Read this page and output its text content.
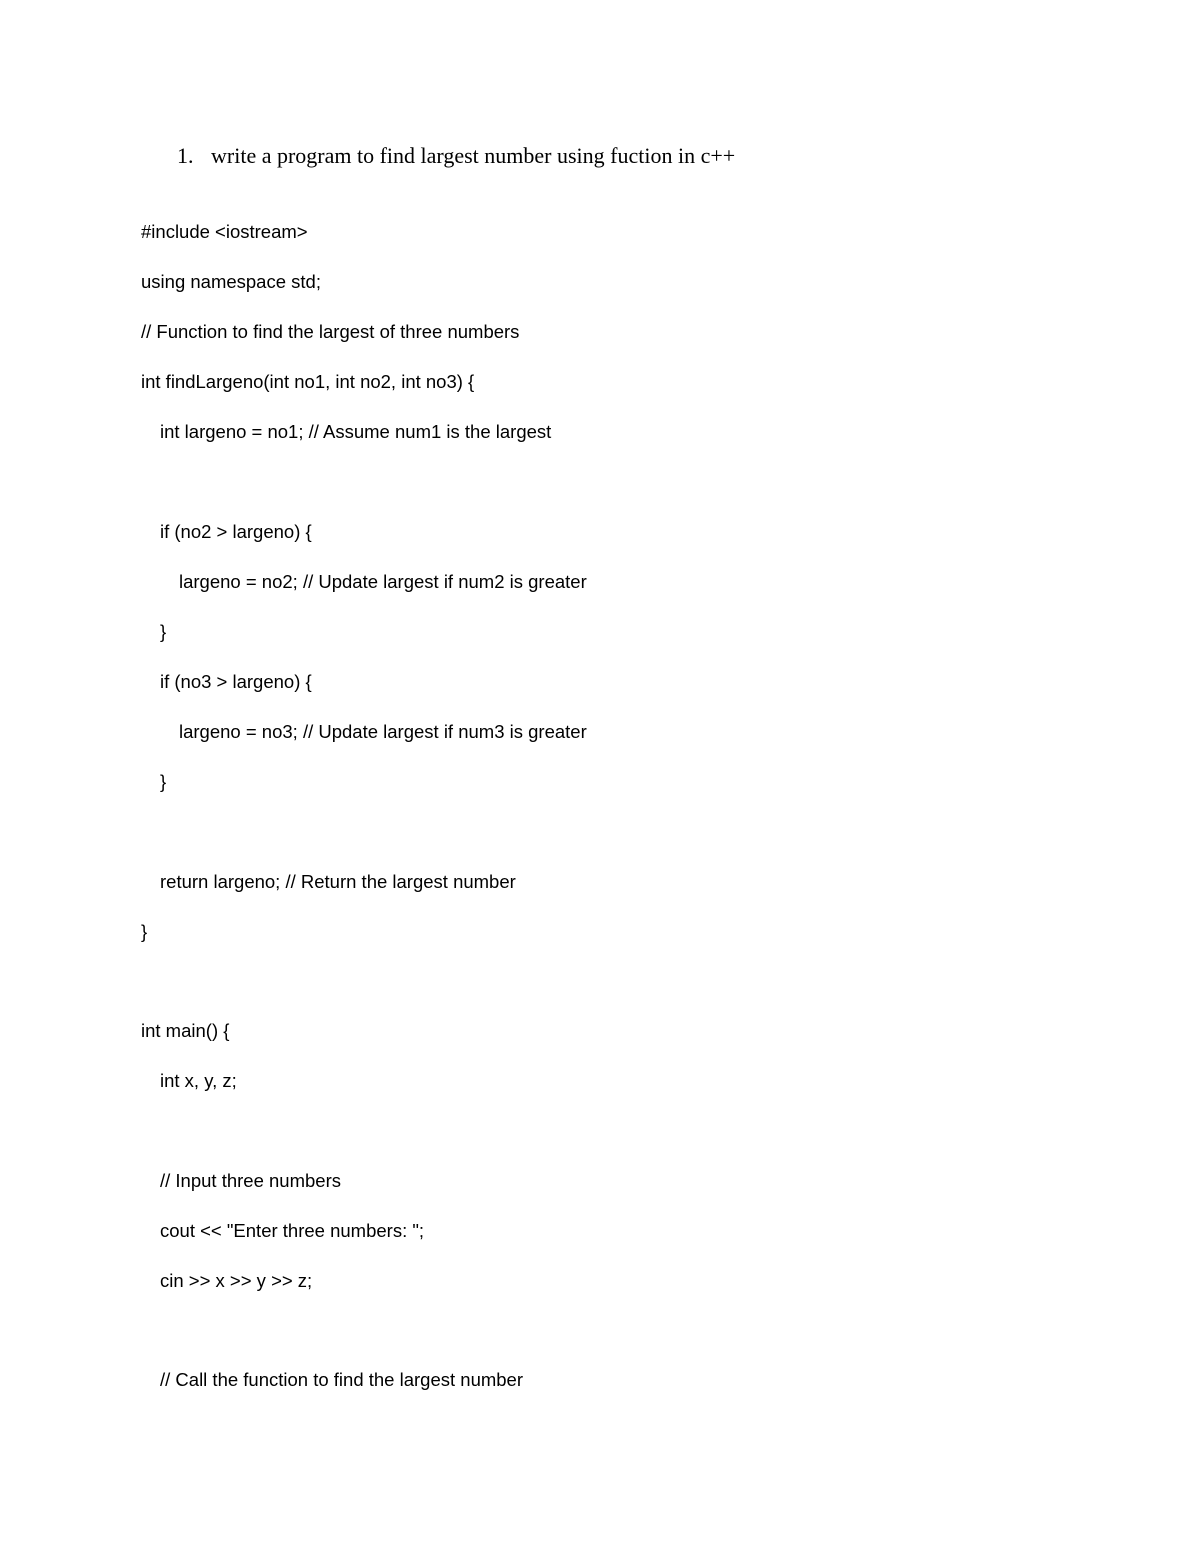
1. write a program to find largest number using fuction in c++
#include <iostream>
using namespace std;
// Function to find the largest of three numbers
int findLargeno(int no1, int no2, int no3) {
int largeno = no1; // Assume num1 is the largest
if (no2 > largeno) {
largeno = no2; // Update largest if num2 is greater
}
if (no3 > largeno) {
largeno = no3; // Update largest if num3 is greater
}
return largeno; // Return the largest number
}
int main() {
int x, y, z;
// Input three numbers
cout << "Enter three numbers: ";
cin >> x >> y >> z;
// Call the function to find the largest number
